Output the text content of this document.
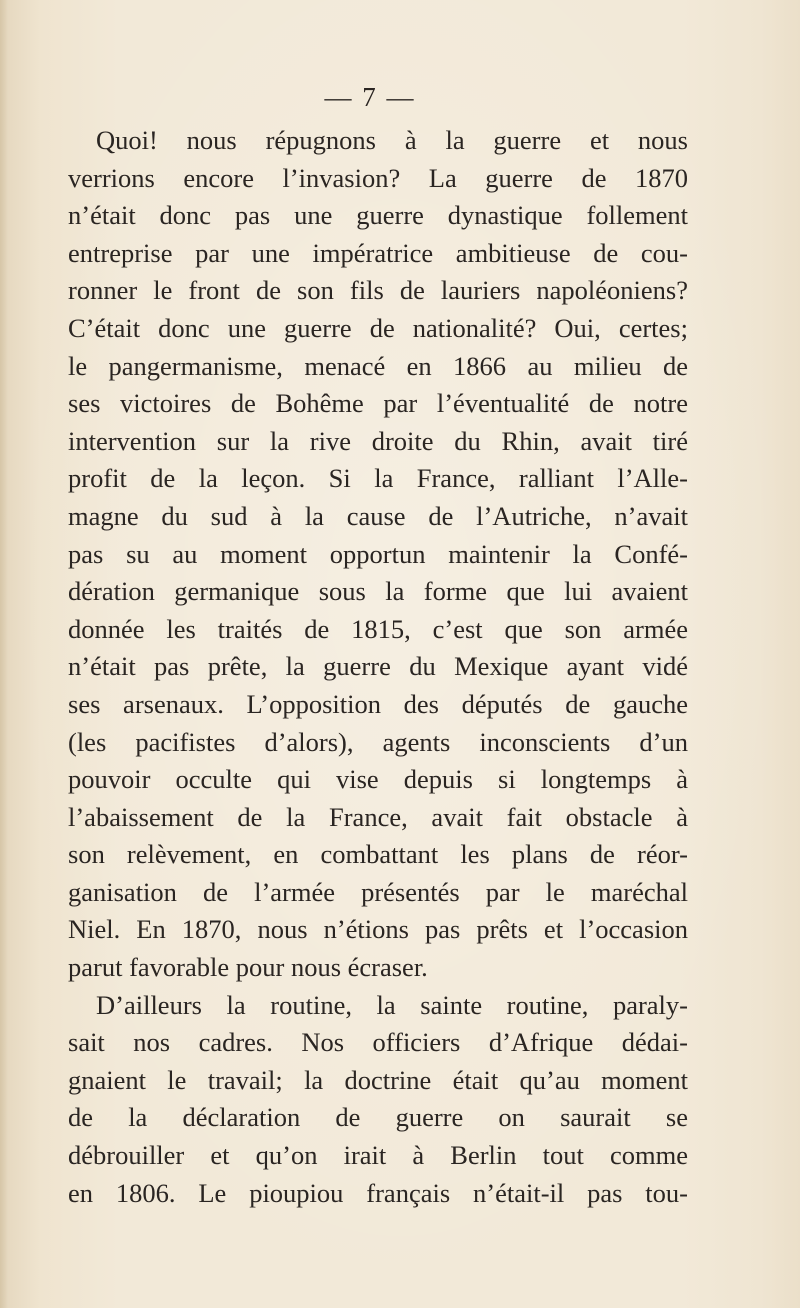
— 7 —
Quoi! nous répugnons à la guerre et nous
verrions encore l’invasion? La guerre de 1870
n’était donc pas une guerre dynastique follement
entreprise par une impératrice ambitieuse de cou-
ronner le front de son fils de lauriers napoléoniens?
C’était donc une guerre de nationalité? Oui, certes;
le pangermanisme, menacé en 1866 au milieu de
ses victoires de Bohême par l’éventualité de notre
intervention sur la rive droite du Rhin, avait tiré
profit de la leçon. Si la France, ralliant l’Alle-
magne du sud à la cause de l’Autriche, n’avait
pas su au moment opportun maintenir la Confé-
dération germanique sous la forme que lui avaient
donnée les traités de 1815, c’est que son armée
n’était pas prête, la guerre du Mexique ayant vidé
ses arsenaux. L’opposition des députés de gauche
(les pacifistes d’alors), agents inconscients d’un
pouvoir occulte qui vise depuis si longtemps à
l’abaissement de la France, avait fait obstacle à
son relèvement, en combattant les plans de réor-
ganisation de l’armée présentés par le maréchal
Niel. En 1870, nous n’étions pas prêts et l’occasion
parut favorable pour nous écraser.
D’ailleurs la routine, la sainte routine, paraly-
sait nos cadres. Nos officiers d’Afrique dédai-
gnaient le travail; la doctrine était qu’au moment
de la déclaration de guerre on saurait se
débrouiller et qu’on irait à Berlin tout comme
en 1806. Le pioupiou français n’était-il pas tou-
